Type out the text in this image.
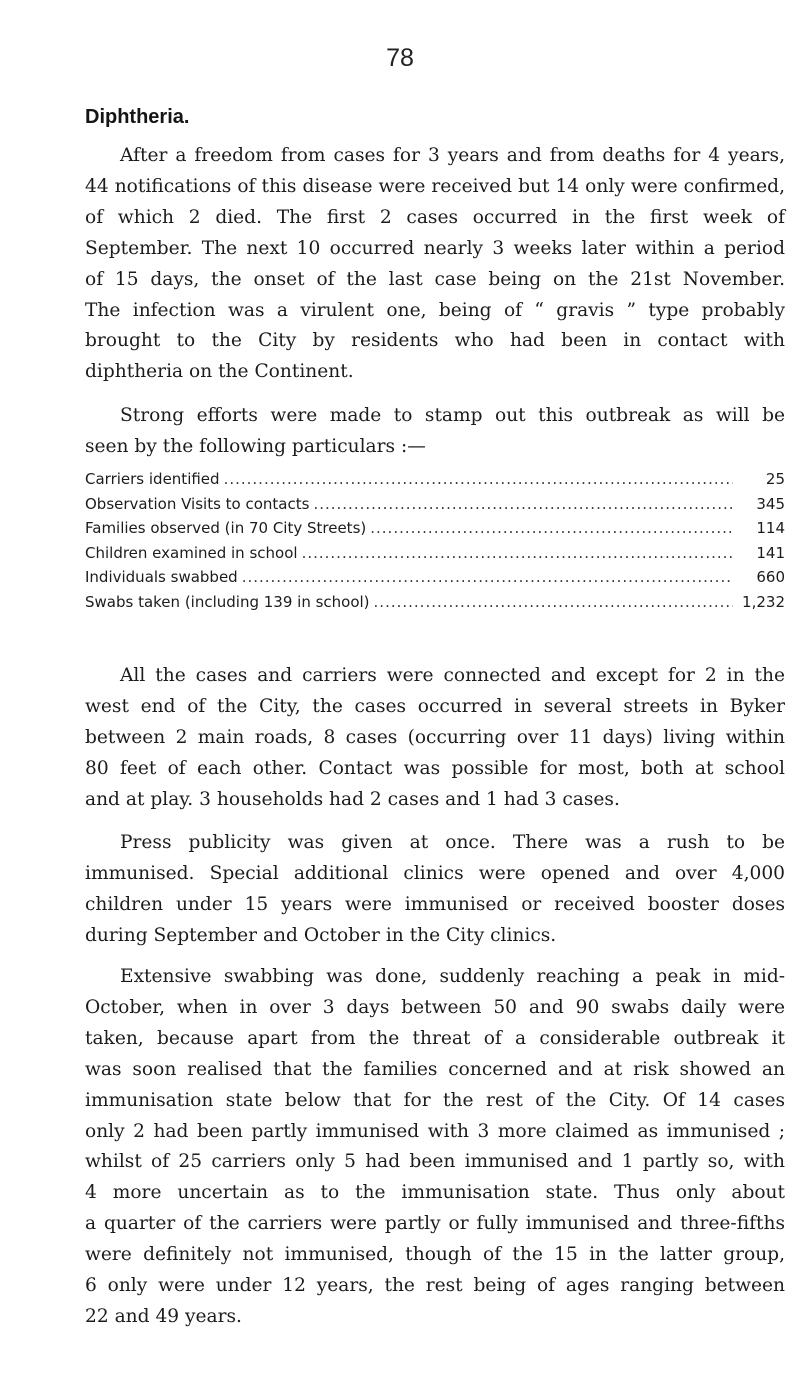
78
Diphtheria.
After a freedom from cases for 3 years and from deaths for 4 years,
44 notifications of this disease were received but 14 only were confirmed,
of which 2 died. The first 2 cases occurred in the first week of
September. The next 10 occurred nearly 3 weeks later within a period
of 15 days, the onset of the last case being on the 21st November.
The infection was a virulent one, being of “ gravis ” type probably
brought to the City by residents who had been in contact with
diphtheria on the Continent.
Strong efforts were made to stamp out this outbreak as will be
seen by the following particulars :—
Carriers identified .....	25
Observation Visits to contacts .....	345
Families observed (in 70 City Streets) .....	114
Children examined in school .....	141
Individuals swabbed .....	660
Swabs taken (including 139 in school) .....	1,232
All the cases and carriers were connected and except for 2 in the
west end of the City, the cases occurred in several streets in Byker
between 2 main roads, 8 cases (occurring over 11 days) living within
80 feet of each other. Contact was possible for most, both at school
and at play. 3 households had 2 cases and 1 had 3 cases.
Press publicity was given at once. There was a rush to be
immunised. Special additional clinics were opened and over 4,000
children under 15 years were immunised or received booster doses
during September and October in the City clinics.
Extensive swabbing was done, suddenly reaching a peak in mid-
October, when in over 3 days between 50 and 90 swabs daily were
taken, because apart from the threat of a considerable outbreak it
was soon realised that the families concerned and at risk showed an
immunisation state below that for the rest of the City. Of 14 cases
only 2 had been partly immunised with 3 more claimed as immunised ;
whilst of 25 carriers only 5 had been immunised and 1 partly so, with
4 more uncertain as to the immunisation state. Thus only about
a quarter of the carriers were partly or fully immunised and three-fifths
were definitely not immunised, though of the 15 in the latter group,
6 only were under 12 years, the rest being of ages ranging between
22 and 49 years.
